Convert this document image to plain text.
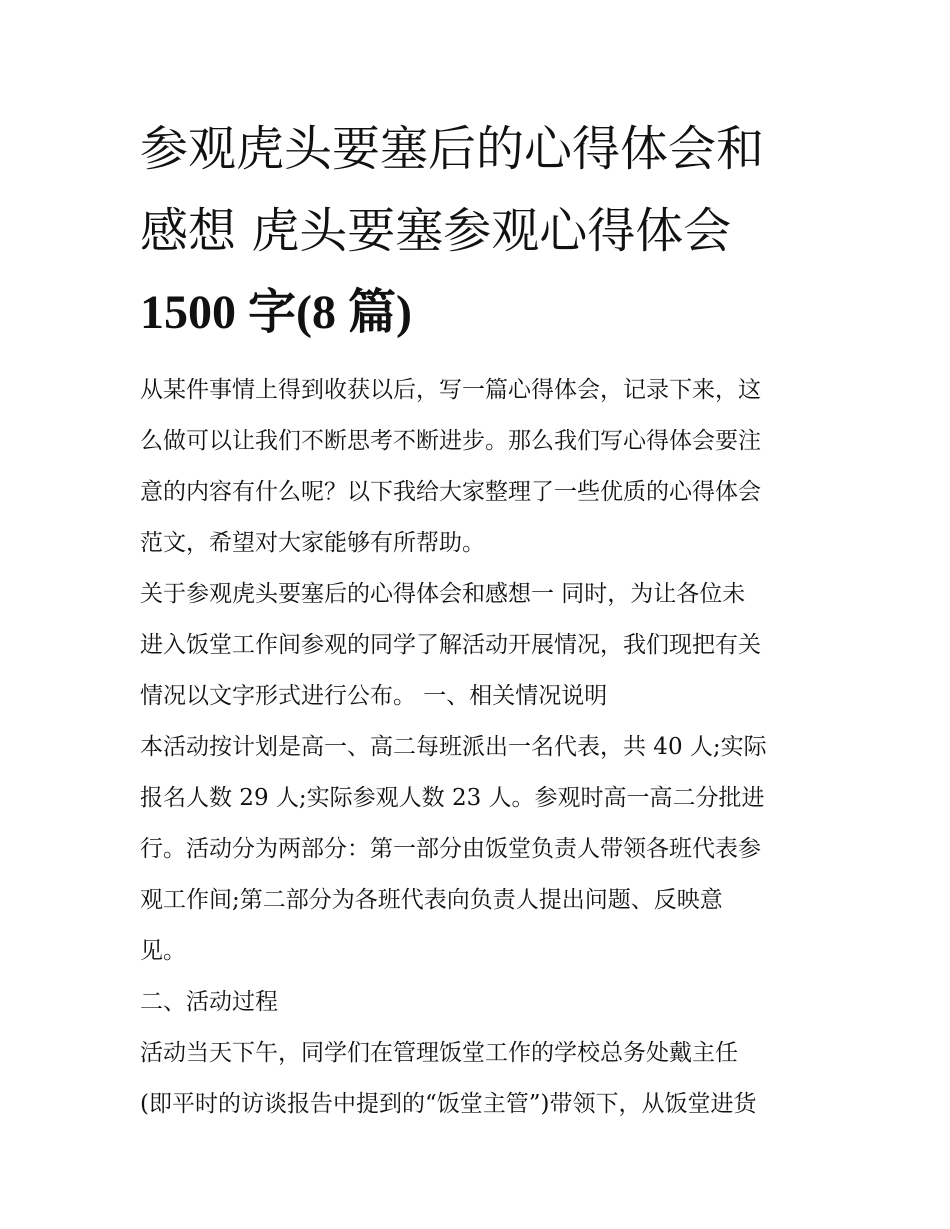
参观虎头要塞后的心得体会和
感想 虎头要塞参观心得体会
1500 字(8 篇)

从某件事情上得到收获以后，写一篇心得体会，记录下来，这
么做可以让我们不断思考不断进步。那么我们写心得体会要注
意的内容有什么呢？以下我给大家整理了一些优质的心得体会
范文，希望对大家能够有所帮助。

关于参观虎头要塞后的心得体会和感想一 同时，为让各位未
进入饭堂工作间参观的同学了解活动开展情况，我们现把有关
情况以文字形式进行公布。 一、相关情况说明

本活动按计划是高一、高二每班派出一名代表，共 40 人;实际
报名人数 29 人;实际参观人数 23 人。参观时高一高二分批进
行。活动分为两部分：第一部分由饭堂负责人带领各班代表参
观工作间;第二部分为各班代表向负责人提出问题、反映意
见。

二、活动过程

活动当天下午，同学们在管理饭堂工作的学校总务处戴主任
(即平时的访谈报告中提到的“饭堂主管”)带领下，从饭堂进货
